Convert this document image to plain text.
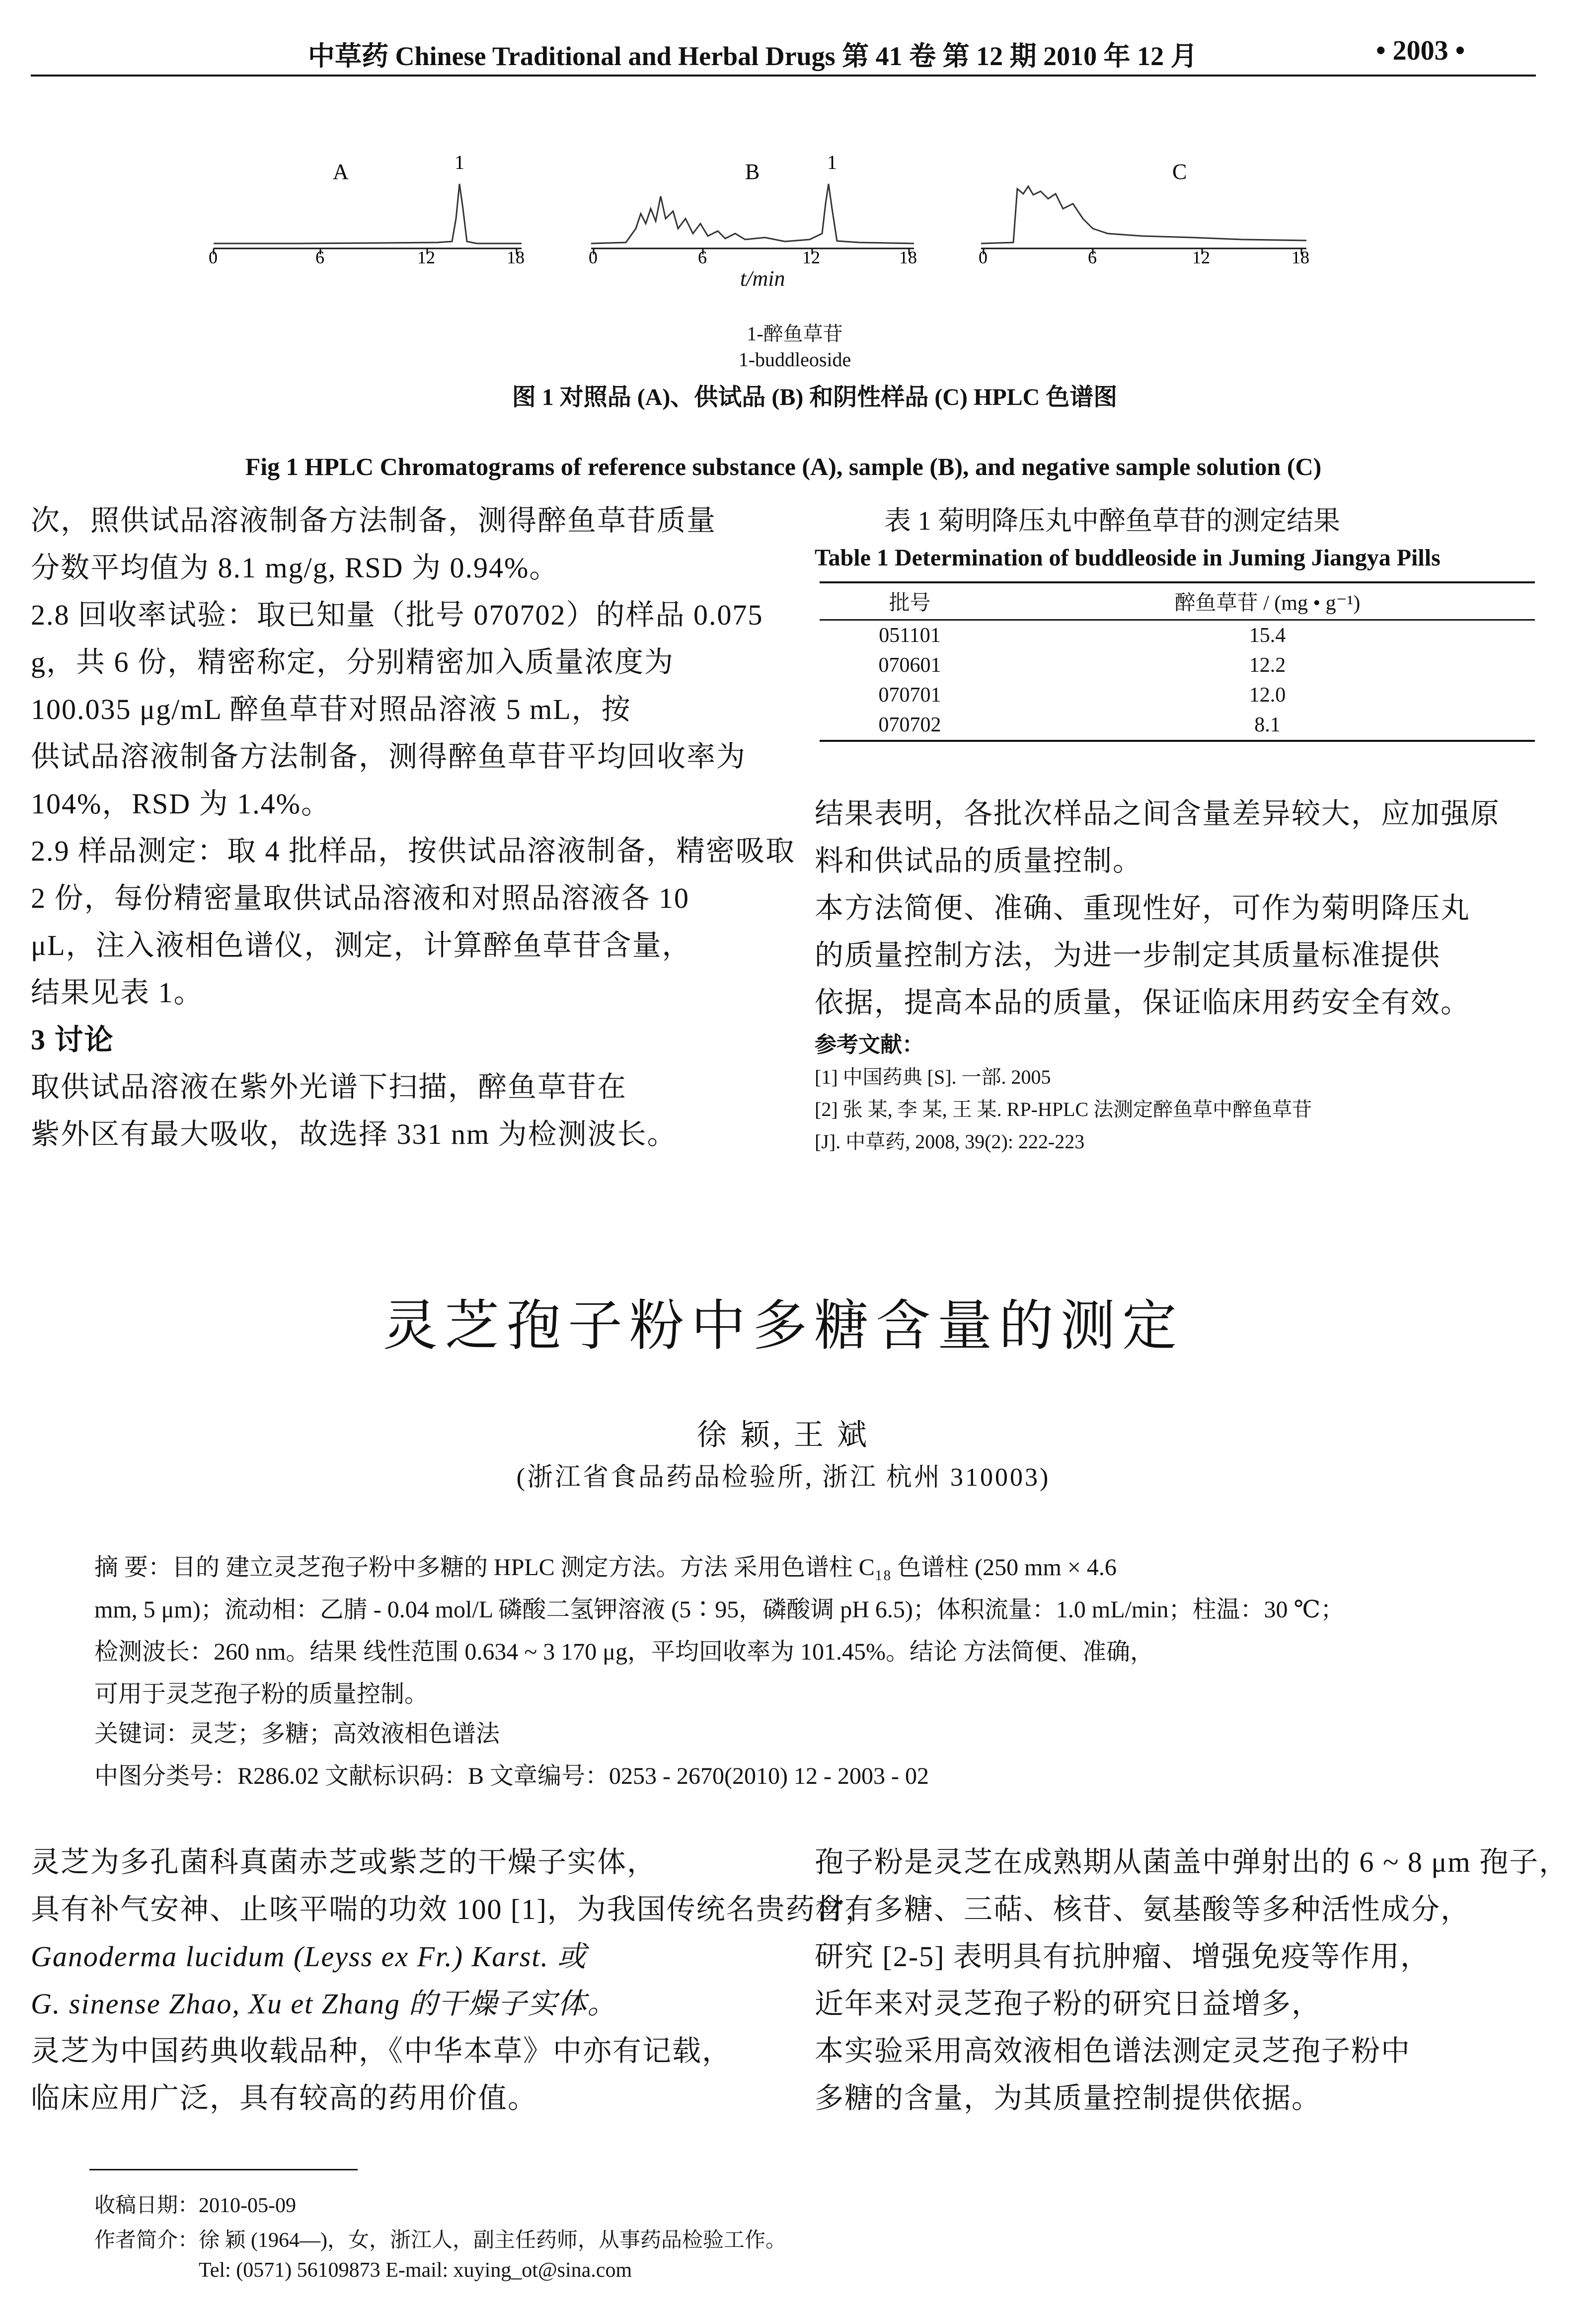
中草药 Chinese Traditional and Herbal Drugs 第 41 卷 第 12 期 2010 年 12 月	• 2003 •
A	1
0	6	12	18
B	1
0	6	12	18
C
0	6	12	18
t/min
1-醉鱼草苷
1-buddleoside
图 1 对照品 (A)、供试品 (B) 和阴性样品 (C) HPLC 色谱图
Fig 1 HPLC Chromatograms of reference substance (A), sample (B), and negative sample solution (C)
次，照供试品溶液制备方法制备，测得醉鱼草苷质量
分数平均值为 8.1 mg/g, RSD 为 0.94%。
2.8 回收率试验：取已知量（批号 070702）的样品 0.075
g，共 6 份，精密称定，分别精密加入质量浓度为
100.035 μg/mL 醉鱼草苷对照品溶液 5 mL，按
供试品溶液制备方法制备，测得醉鱼草苷平均回收率为
104%，RSD 为 1.4%。
2.9 样品测定：取 4 批样品，按供试品溶液制备，精密吸取
2 份，每份精密量取供试品溶液和对照品溶液各 10
μL，注入液相色谱仪，测定，计算醉鱼草苷含量，
结果见表 1。
3 讨论
取供试品溶液在紫外光谱下扫描，醉鱼草苷在
紫外区有最大吸收，故选择 331 nm 为检测波长。
表 1 菊明降压丸中醉鱼草苷的测定结果
Table 1 Determination of buddleoside in Juming Jiangya Pills
批号	醉鱼草苷 / (mg • g⁻¹)
051101	15.4
070601	12.2
070701	12.0
070702	8.1
结果表明，各批次样品之间含量差异较大，应加强原
料和供试品的质量控制。
本方法简便、准确、重现性好，可作为菊明降压丸
的质量控制方法，为进一步制定其质量标准提供
依据，提高本品的质量，保证临床用药安全有效。
参考文献：
[1] 中国药典 [S]. 一部. 2005
[2] 张 某, 李 某, 王 某. RP-HPLC 法测定醉鱼草中醉鱼草苷
[J]. 中草药, 2008, 39(2): 222-223
灵芝孢子粉中多糖含量的测定
徐 颖, 王 斌
(浙江省食品药品检验所, 浙江 杭州 310003)
摘 要：目的 建立灵芝孢子粉中多糖的 HPLC 测定方法。方法 采用色谱柱 C₁₈ 色谱柱 (250 mm × 4.6
mm, 5 μm)；流动相：乙腈 - 0.04 mol/L 磷酸二氢钾溶液 (5∶95，磷酸调 pH 6.5)；体积流量：1.0 mL/min；柱温：30 ℃；
检测波长：260 nm。结果 线性范围 0.634 ~ 3 170 μg，平均回收率为 101.45%。结论 方法简便、准确，
可用于灵芝孢子粉的质量控制。
关键词：灵芝；多糖；高效液相色谱法
中图分类号：R286.02 文献标识码：B 文章编号：0253 - 2670(2010) 12 - 2003 - 02
灵芝为多孔菌科真菌赤芝或紫芝的干燥子实体，
具有补气安神、止咳平喘的功效 100 [1]，为我国传统名贵药材，
Ganoderma lucidum (Leyss ex Fr.) Karst. 或
G. sinense Zhao, Xu et Zhang 的干燥子实体。
灵芝为中国药典收载品种，《中华本草》中亦有记载，
临床应用广泛，具有较高的药用价值。
孢子粉是灵芝在成熟期从菌盖中弹射出的 6 ~ 8 μm 孢子，
含有多糖、三萜、核苷、氨基酸等多种活性成分，
研究 [2-5] 表明具有抗肿瘤、增强免疫等作用，
近年来对灵芝孢子粉的研究日益增多，
本实验采用高效液相色谱法测定灵芝孢子粉中
多糖的含量，为其质量控制提供依据。
收稿日期：2010-05-09
作者简介：徐 颖 (1964—)，女，浙江人，副主任药师，从事药品检验工作。
Tel: (0571) 56109873 E-mail: xuying_ot@sina.com
